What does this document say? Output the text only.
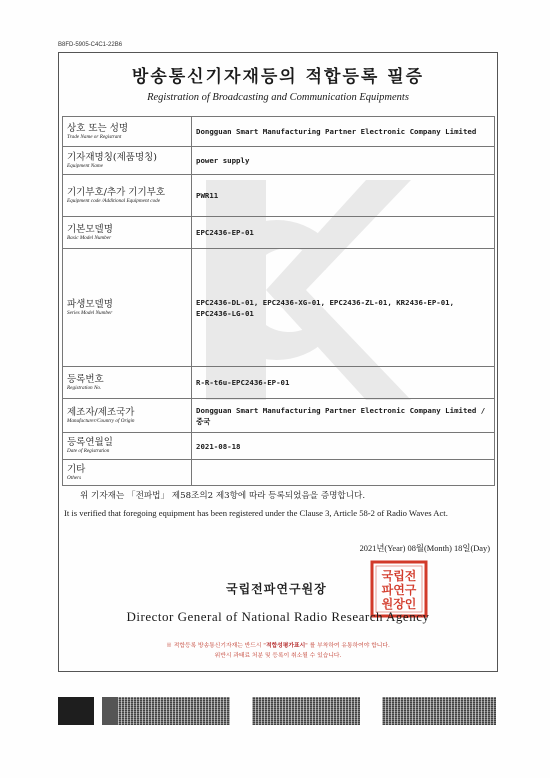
B8FD-5905-C4C1-22B6
방송통신기자재등의 적합등록 필증
Registration of Broadcasting and Communication Equipments
상호 또는 성명
Trade Name or Registrant	Dongguan Smart Manufacturing Partner Electronic Company Limited

기자재명칭(제품명칭)
Equipment Name	power supply

기기부호/추가 기기부호
Equipment code /Additional Equipment code	PWR11

기본모델명
Basic Model Number	EPC2436-EP-01

파생모델명
Series Model Number	EPC2436-DL-01, EPC2436-XG-01, EPC2436-ZL-01, KR2436-EP-01, EPC2436-LG-01

등록번호
Registration No.	R-R-t6u-EPC2436-EP-01

제조자/제조국가
Manufacturer/Country of Origin	Dongguan Smart Manufacturing Partner Electronic Company Limited / 중국

등록연월일
Date of Registration	2021-08-18

기타
Others	

위 기자재는 「전파법」 제58조의2 제3항에 따라 등록되었음을 증명합니다.
It is verified that foregoing equipment has been registered under the Clause 3, Article 58-2 of Radio Waves Act.
2021년(Year) 08월(Month) 18일(Day)
국립전파연구원장
국립전
파연구
원장인
Director General of National Radio Research Agency
※ 적합등록 방송통신기자재는 반드시 "적합성평가표시" 를 부착하여 유통하여야 합니다.
위반시 과태료 처분 및 등록이 취소될 수 있습니다.
